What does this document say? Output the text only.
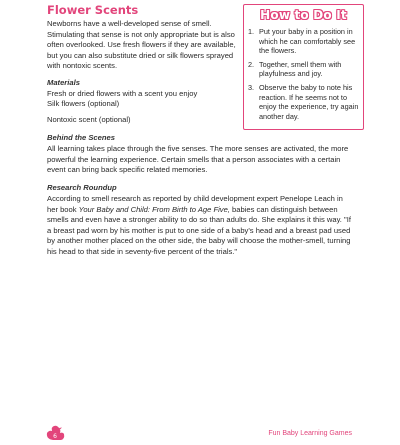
Flower Scents
Newborns have a well-developed sense of smell. Stimulating that sense is not only appropriate but is also often overlooked. Use fresh flowers if they are available, but you can also substitute dried or silk flowers sprayed with nontoxic scents.
Materials
Fresh or dried flowers with a scent you enjoy
Silk flowers (optional)
Nontoxic scent (optional)
Behind the Scenes
All learning takes place through the five senses. The more senses are activated, the more powerful the learning experience. Certain smells that a person associates with a certain event can bring back specific related memories.
Research Roundup
According to smell research as reported by child development expert Penelope Leach in her book Your Baby and Child: From Birth to Age Five, babies can distinguish between smells and even have a stronger ability to do so than adults do. She explains it this way. "If a breast pad worn by his mother is put to one side of a baby's head and a breast pad used by another mother placed on the other side, the baby will choose the mother-smell, turning his head to that side in seventy-five percent of the trials."
How to Do It
1. Put your baby in a position in which he can comfortably see the flowers.
2. Together, smell them with playfulness and joy.
3. Observe the baby to note his reaction. If he seems not to enjoy the experience, try again another day.
6	Fun Baby Learning Games
